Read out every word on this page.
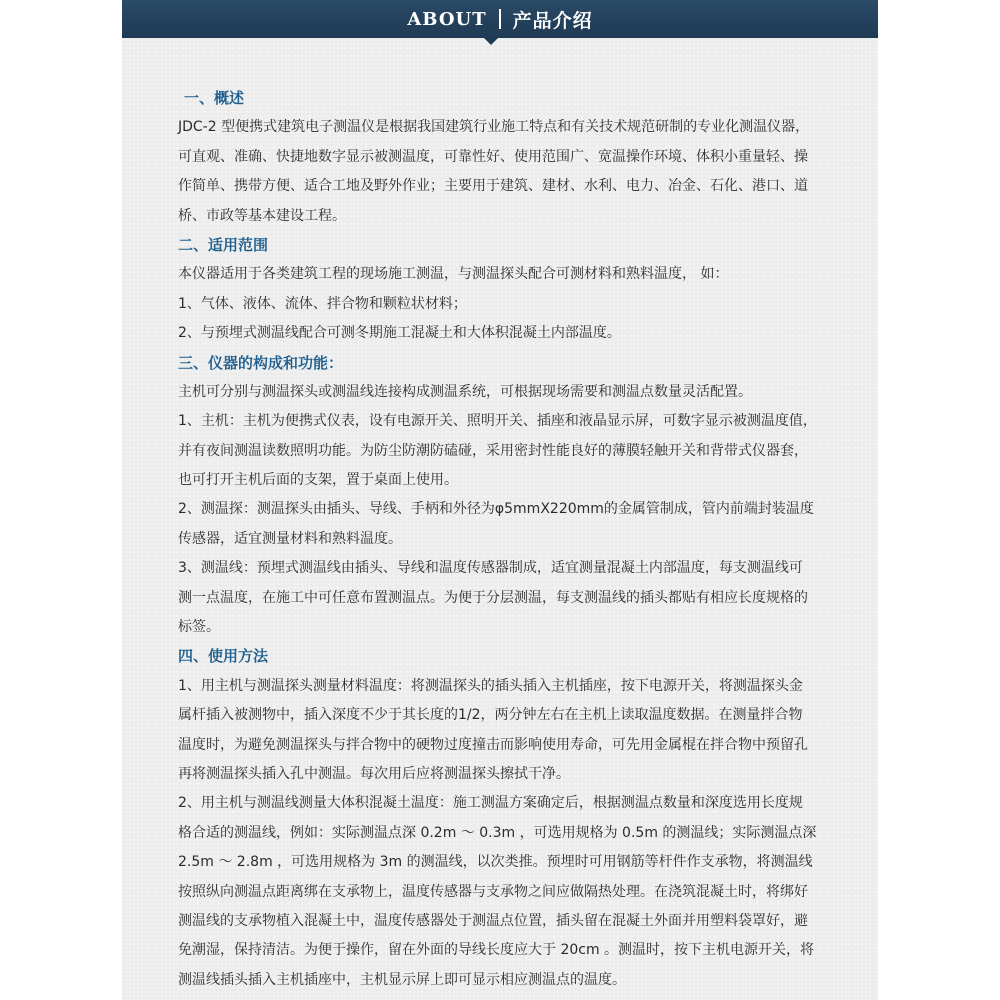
ABOUT 产品介绍
一、概述
JDC-2 型便携式建筑电子测温仪是根据我国建筑行业施工特点和有关技术规范研制的专业化测温仪器，
可直观、准确、快捷地数字显示被测温度，可靠性好、使用范围广、宽温操作环境、体积小重量轻、操
作简单、携带方便、适合工地及野外作业；主要用于建筑、建材、水利、电力、冶金、石化、港口、道
桥、市政等基本建设工程。
二、适用范围
本仪器适用于各类建筑工程的现场施工测温，与测温探头配合可测材料和熟料温度， 如：
1、气体、液体、流体、拌合物和颗粒状材料；
2、与预埋式测温线配合可测冬期施工混凝土和大体积混凝土内部温度。
三、仪器的构成和功能：
主机可分别与测温探头或测温线连接构成测温系统，可根据现场需要和测温点数量灵活配置。
1、主机：主机为便携式仪表，设有电源开关、照明开关、插座和液晶显示屏，可数字显示被测温度值，
并有夜间测温读数照明功能。为防尘防潮防磕碰，采用密封性能良好的薄膜轻触开关和背带式仪器套，
也可打开主机后面的支架，置于桌面上使用。
2、测温探：测温探头由插头、导线、手柄和外径为φ5mmX220mm的金属管制成，管内前端封装温度
传感器，适宜测量材料和熟料温度。
3、测温线：预埋式测温线由插头、导线和温度传感器制成，适宜测量混凝土内部温度，每支测温线可
测一点温度，在施工中可任意布置测温点。为便于分层测温，每支测温线的插头都贴有相应长度规格的
标签。
四、使用方法
1、用主机与测温探头测量材料温度：将测温探头的插头插入主机插座，按下电源开关，将测温探头金
属杆插入被测物中，插入深度不少于其长度的1/2，两分钟左右在主机上读取温度数据。在测量拌合物
温度时，为避免测温探头与拌合物中的硬物过度撞击而影响使用寿命，可先用金属棍在拌合物中预留孔
再将测温探头插入孔中测温。每次用后应将测温探头擦拭干净。
2、用主机与测温线测量大体积混凝土温度：施工测温方案确定后，根据测温点数量和深度选用长度规
格合适的测温线，例如：实际测温点深 0.2m ～ 0.3m ，可选用规格为 0.5m 的测温线；实际测温点深
2.5m ～ 2.8m ，可选用规格为 3m 的测温线，以次类推。预埋时可用钢筋等杆件作支承物，将测温线
按照纵向测温点距离绑在支承物上，温度传感器与支承物之间应做隔热处理。在浇筑混凝土时，将绑好
测温线的支承物植入混凝土中，温度传感器处于测温点位置，插头留在混凝土外面并用塑料袋罩好，避
免潮湿，保持清洁。为便于操作，留在外面的导线长度应大于 20cm 。测温时，按下主机电源开关，将
测温线插头插入主机插座中，主机显示屏上即可显示相应测温点的温度。
